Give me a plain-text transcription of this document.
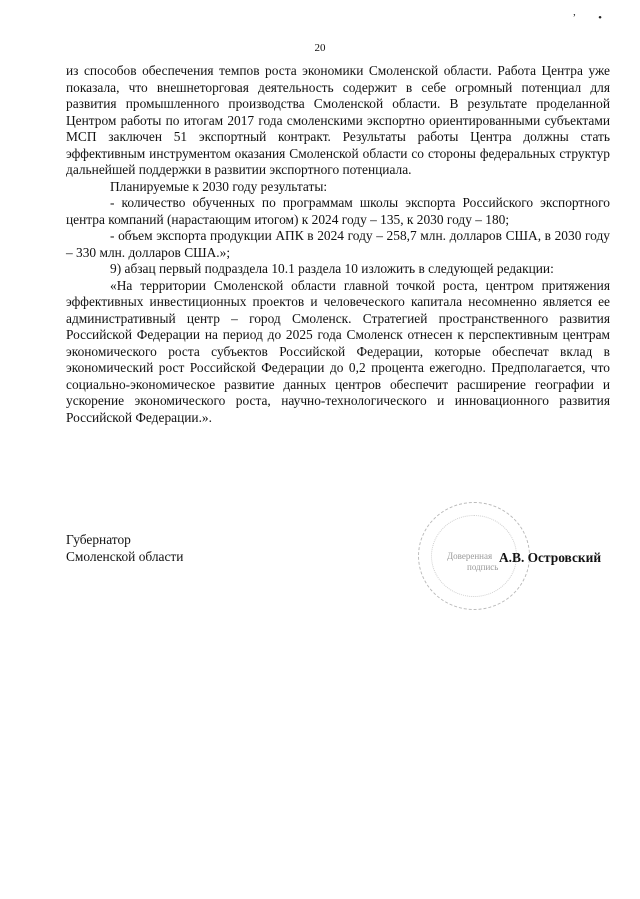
20
’ •

из способов обеспечения темпов роста экономики Смоленской области. Работа Центра уже показала, что внешнеторговая деятельность содержит в себе огромный потенциал для развития промышленного производства Смоленской области. В результате проделанной Центром работы по итогам 2017 года смоленскими экспортно ориентированными субъектами МСП заключен 51 экспортный контракт. Результаты работы Центра должны стать эффективным инструментом оказания Смоленской области со стороны федеральных структур дальнейшей поддержки в развитии экспортного потенциала.

Планируемые к 2030 году результаты:

- количество обученных по программам школы экспорта Российского экспортного центра компаний (нарастающим итогом) к 2024 году – 135, к 2030 году – 180;

- объем экспорта продукции АПК в 2024 году – 258,7 млн. долларов США, в 2030 году – 330 млн. долларов США.»;

9) абзац первый подраздела 10.1 раздела 10 изложить в следующей редакции:

«На территории Смоленской области главной точкой роста, центром притяжения эффективных инвестиционных проектов и человеческого капитала несомненно является ее административный центр – город Смоленск. Стратегией пространственного развития Российской Федерации на период до 2025 года Смоленск отнесен к перспективным центрам экономического роста субъектов Российской Федерации, которые обеспечат вклад в экономический рост Российской Федерации до 0,2 процента ежегодно. Предполагается, что социально-экономическое развитие данных центров обеспечит расширение географии и ускорение экономического роста, научно-технологического и инновационного развития Российской Федерации.».

Губернатор
Смоленской области	Доверенная
подпись
А.В. Островский
